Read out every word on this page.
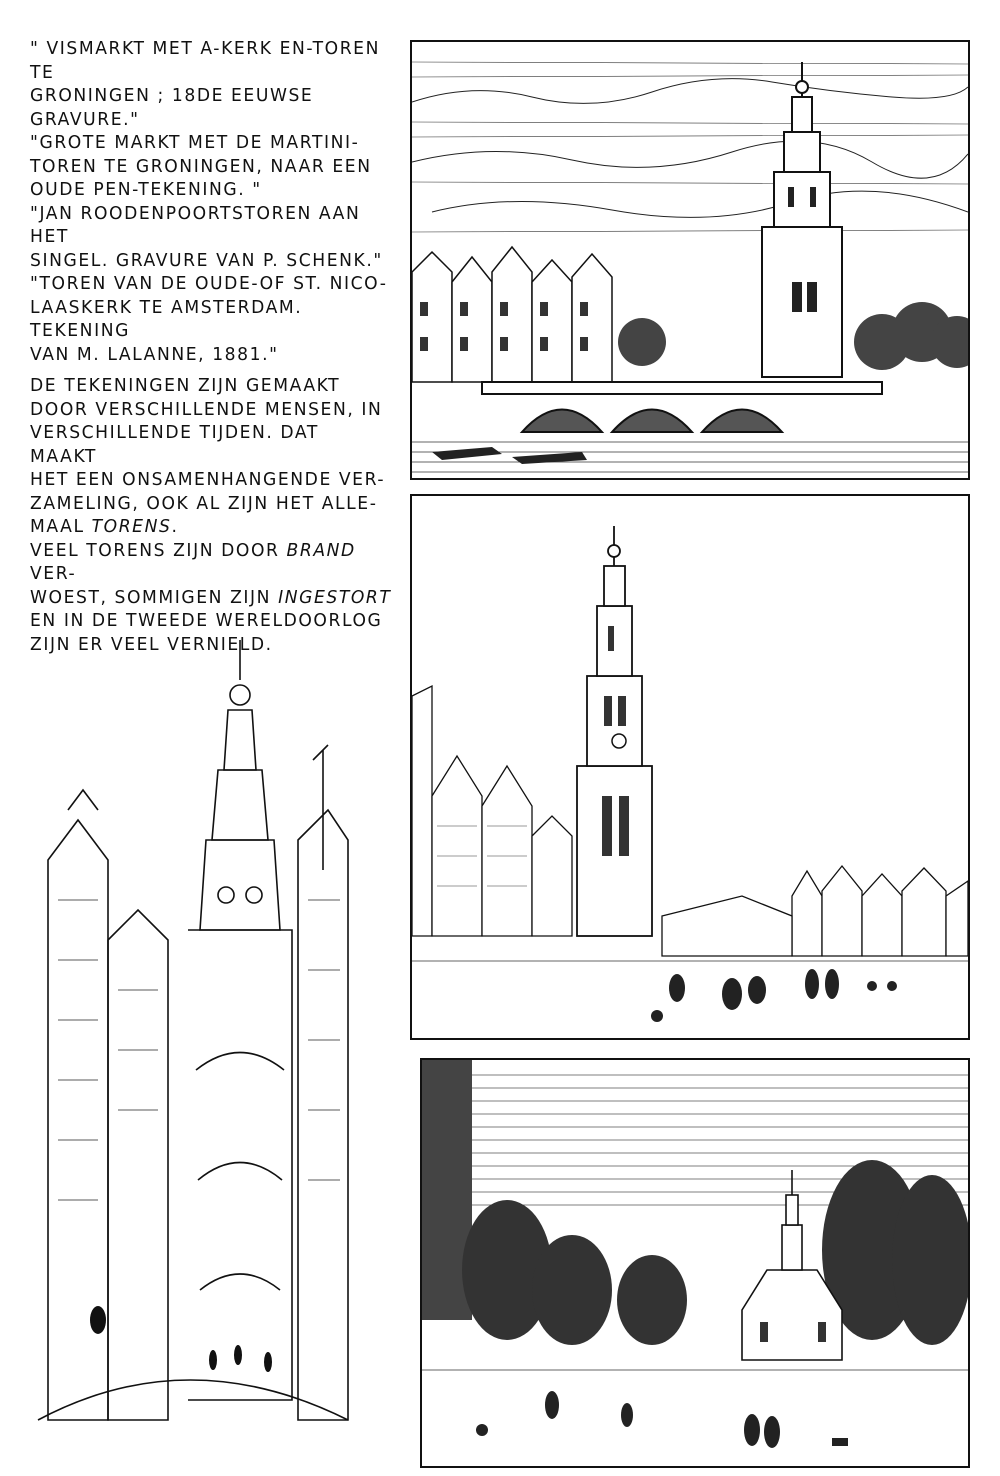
" VISMARKT MET A-KERK EN-TOREN TE

GRONINGEN ; 18DE EEUWSE GRAVURE."

"GROTE MARKT MET DE MARTINI-

TOREN TE GRONINGEN, NAAR EEN

OUDE PEN-TEKENING. "

"JAN ROODENPOORTSTOREN AAN HET

SINGEL. GRAVURE VAN P. SCHENK."

"TOREN VAN DE OUDE-OF ST. NICO-

LAASKERK TE AMSTERDAM. TEKENING

VAN M. LALANNE, 1881."

DE TEKENINGEN ZIJN GEMAAKT

DOOR VERSCHILLENDE MENSEN, IN

VERSCHILLENDE TIJDEN. DAT MAAKT

HET EEN ONSAMENHANGENDE VER-

ZAMELING, OOK AL ZIJN HET ALLE-

MAAL TORENS.

VEEL TORENS ZIJN DOOR BRAND VER-

WOEST, SOMMIGEN ZIJN INGESTORT

EN IN DE TWEEDE WERELDOORLOG

ZIJN ER VEEL VERNIELD.
